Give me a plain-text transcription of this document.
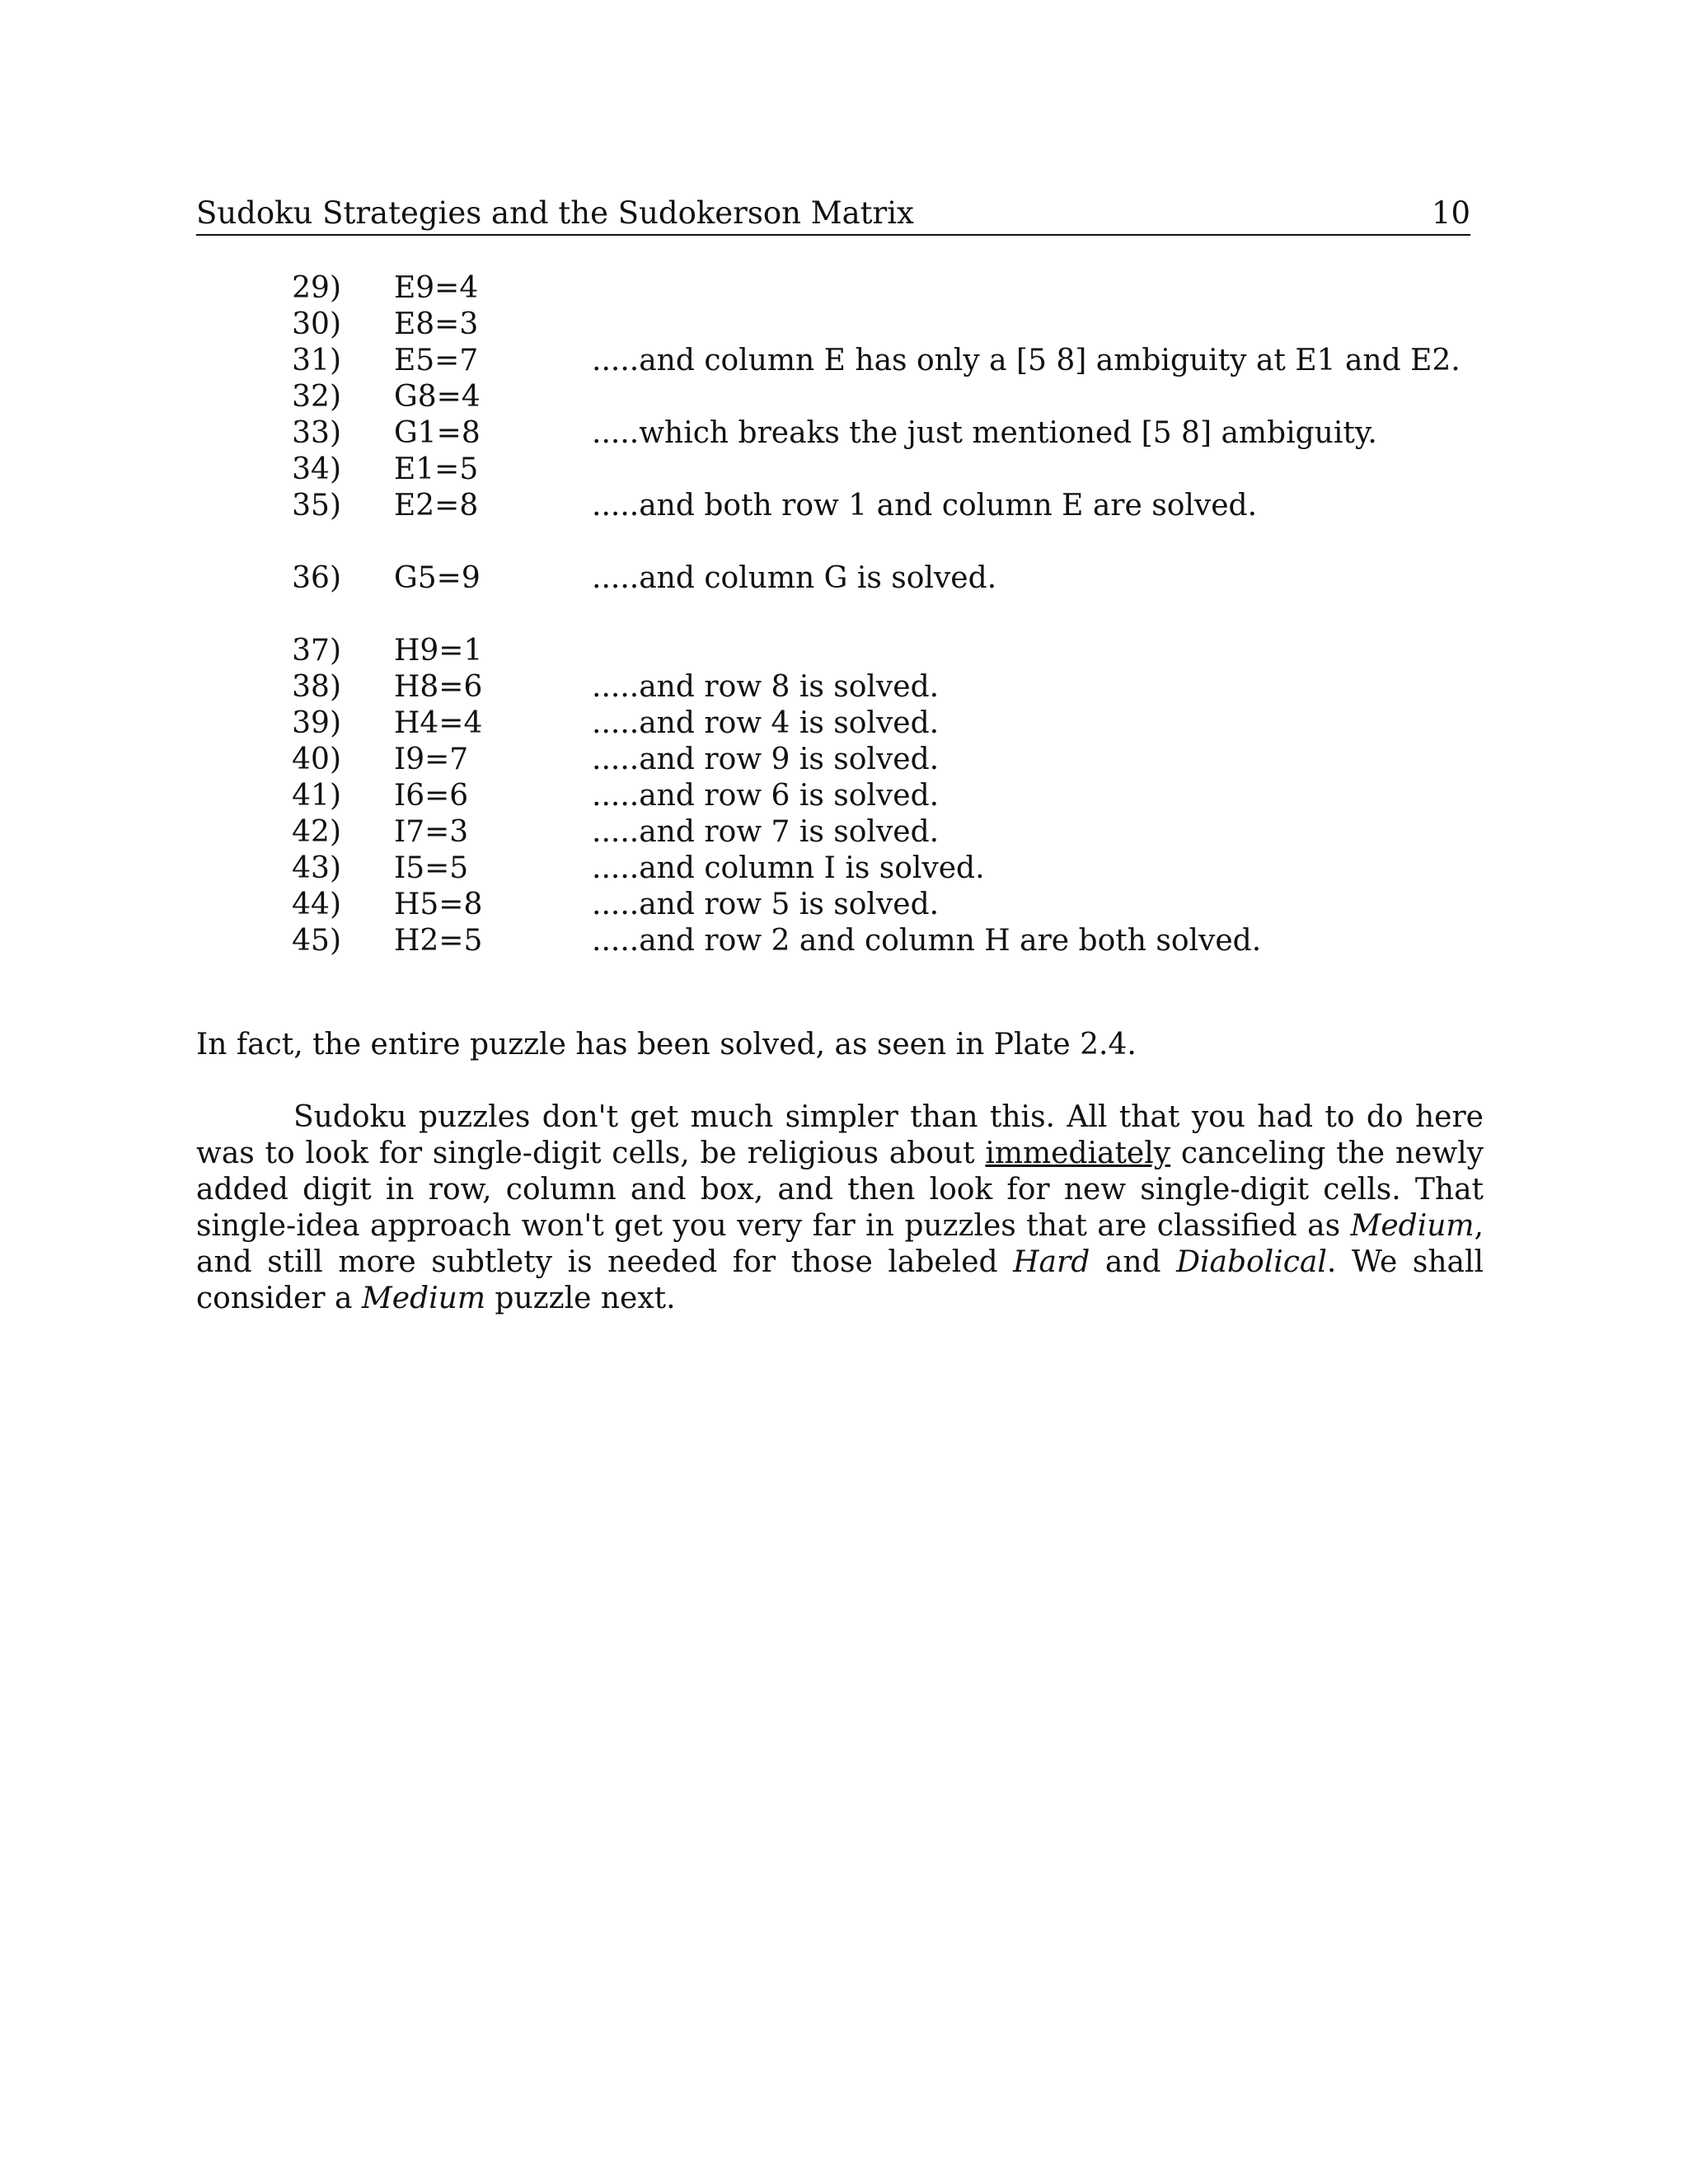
Sudoku Strategies and the Sudokerson Matrix	10
29) E9=4
30) E8=3
31) E5=7	.....and column E has only a [5 8] ambiguity at E1 and E2.
32) G8=4
33) G1=8	.....which breaks the just mentioned [5 8] ambiguity.
34) E1=5
35) E2=8	.....and both row 1 and column E are solved.
36) G5=9	.....and column G is solved.
37) H9=1
38) H8=6	.....and row 8 is solved.
39) H4=4	.....and row 4 is solved.
40) I9=7	.....and row 9 is solved.
41) I6=6	.....and row 6 is solved.
42) I7=3	.....and row 7 is solved.
43) I5=5	.....and column I is solved.
44) H5=8	.....and row 5 is solved.
45) H2=5	.....and row 2 and column H are both solved.

In fact, the entire puzzle has been solved, as seen in Plate 2.4.

Sudoku puzzles don't get much simpler than this. All that you had to do here was to look for single-digit cells, be religious about immediately canceling the newly added digit in row, column and box, and then look for new single-digit cells. That single-idea approach won't get you very far in puzzles that are classified as Medium, and still more subtlety is needed for those labeled Hard and Diabolical. We shall consider a Medium puzzle next.
